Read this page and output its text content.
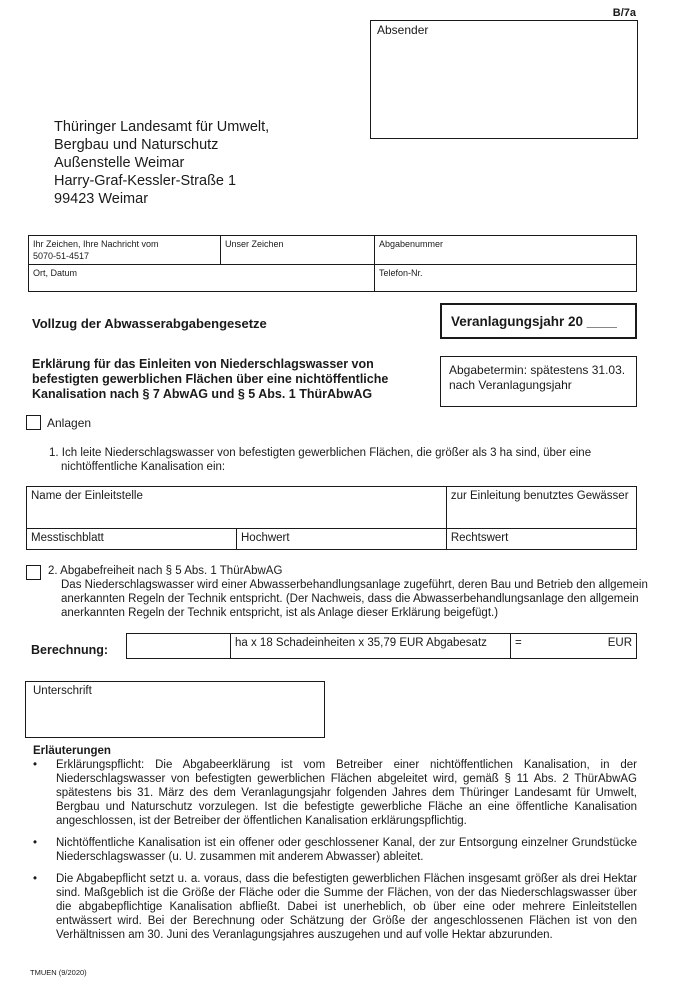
B/7a
Absender
Thüringer Landesamt für Umwelt,
Bergbau und Naturschutz
Außenstelle Weimar
Harry-Graf-Kessler-Straße 1
99423 Weimar
Ihr Zeichen, Ihre Nachricht vom
5070-51-4517	Unser Zeichen	Abgabenummer

Ort, Datum		Telefon-Nr.
Vollzug der Abwasserabgabengesetze	Veranlagungsjahr 20 ____
Erklärung für das Einleiten von Niederschlagswasser von befestigten gewerblichen Flächen über eine nichtöffentliche Kanalisation nach § 7 AbwAG und § 5 Abs. 1 ThürAbwAG
Abgabetermin: spätestens 31.03.
nach Veranlagungsjahr
Anlagen
1. Ich leite Niederschlagswasser von befestigten gewerblichen Flächen, die größer als 3 ha sind, über eine
nichtöffentliche Kanalisation ein:
Name der Einleitstelle		zur Einleitung benutztes Gewässer

Messtischblatt	Hochwert	Rechtswert
2. Abgabefreiheit nach § 5 Abs. 1 ThürAbwAG
Das Niederschlagswasser wird einer Abwasserbehandlungsanlage zugeführt, deren Bau und Betrieb den allgemein anerkannten Regeln der Technik entspricht. (Der Nachweis, dass die Abwasserbehandlungsanlage den allgemein anerkannten Regeln der Technik entspricht, ist als Anlage dieser Erklärung beigefügt.)
Berechnung:
		ha x 18 Schadeinheiten x 35,79 EUR Abgabesatz	=	EUR
Unterschrift
Erläuterungen
• Erklärungspflicht: Die Abgabeerklärung ist vom Betreiber einer nichtöffentlichen Kanalisation, in der Niederschlagswasser von befestigten gewerblichen Flächen abgeleitet wird, gemäß § 11 Abs. 2 ThürAbwAG spätestens bis 31. März des dem Veranlagungsjahr folgenden Jahres dem Thüringer Landesamt für Umwelt, Bergbau und Naturschutz vorzulegen. Ist die befestigte gewerbliche Fläche an eine öffentliche Kanalisation angeschlossen, ist der Betreiber der öffentlichen Kanalisation erklärungspflichtig.
• Nichtöffentliche Kanalisation ist ein offener oder geschlossener Kanal, der zur Entsorgung einzelner Grundstücke Niederschlagswasser (u. U. zusammen mit anderem Abwasser) ableitet.
• Die Abgabepflicht setzt u. a. voraus, dass die befestigten gewerblichen Flächen insgesamt größer als drei Hektar sind. Maßgeblich ist die Größe der Fläche oder die Summe der Flächen, von der das Niederschlagswasser über die abgabepflichtige Kanalisation abfließt. Dabei ist unerheblich, ob über eine oder mehrere Einleitstellen entwässert wird. Bei der Berechnung oder Schätzung der Größe der angeschlossenen Flächen ist von den Verhältnissen am 30. Juni des Veranlagungsjahres auszugehen und auf volle Hektar abzurunden.
TMUEN (9/2020)
